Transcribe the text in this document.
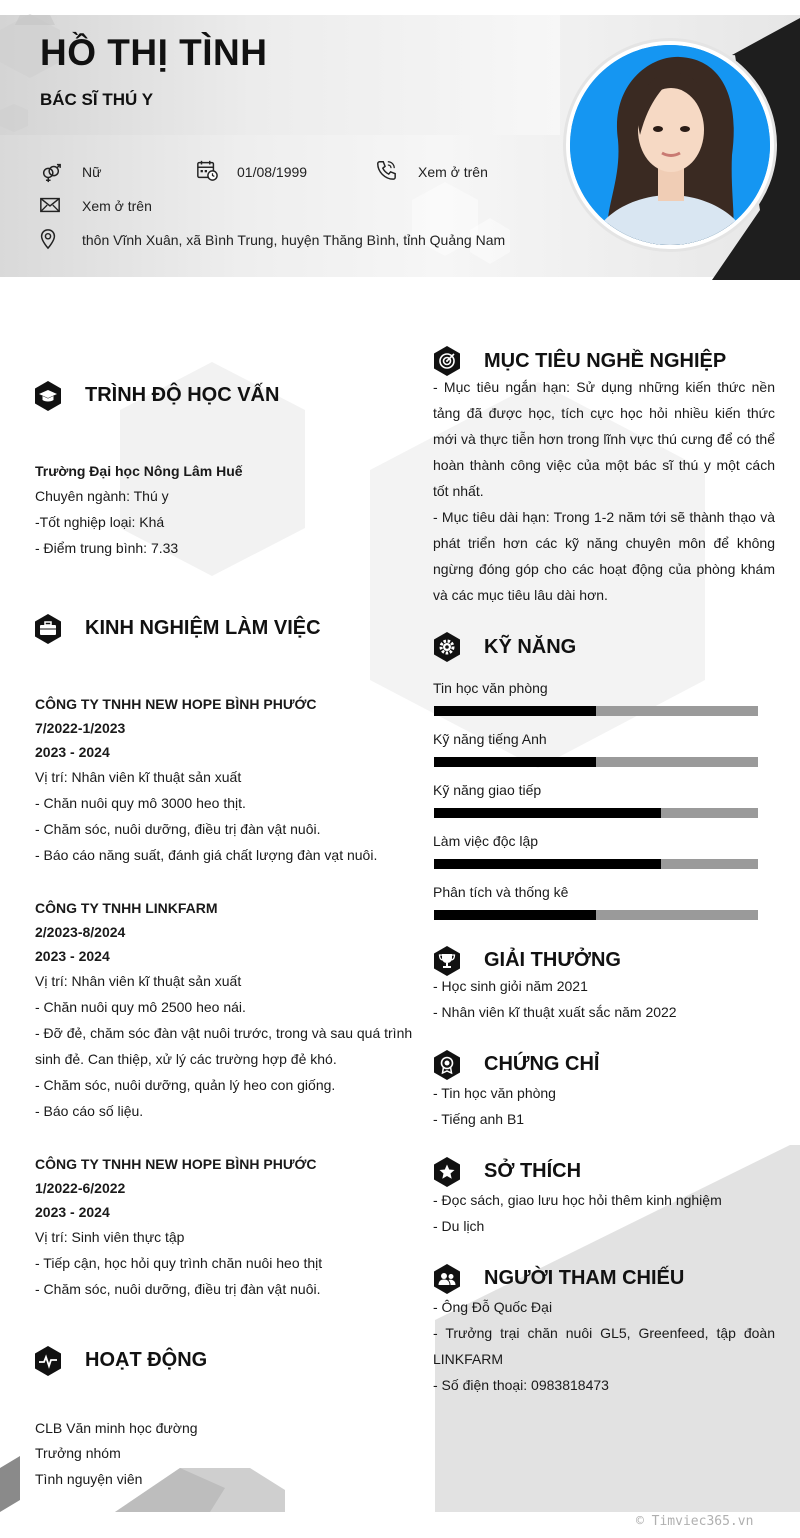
HỒ THỊ TÌNH
BÁC SĨ THÚ Y
Nữ	01/08/1999	Xem ở trên
Xem ở trên
thôn Vĩnh Xuân, xã Bình Trung, huyện Thăng Bình, tỉnh Quảng Nam
TRÌNH ĐỘ HỌC VẤN
Trường Đại học Nông Lâm Huế
Chuyên ngành: Thú y
-Tốt nghiệp loại: Khá
- Điểm trung bình: 7.33
KINH NGHIỆM LÀM VIỆC
CÔNG TY TNHH NEW HOPE BÌNH PHƯỚC
7/2022-1/2023
2023 - 2024
Vị trí: Nhân viên kĩ thuật sản xuất
- Chăn nuôi quy mô 3000 heo thịt.
- Chăm sóc, nuôi dưỡng, điều trị đàn vật nuôi.
- Báo cáo năng suất, đánh giá chất lượng đàn vạt nuôi.
CÔNG TY TNHH LINKFARM
2/2023-8/2024
2023 - 2024
Vị trí: Nhân viên kĩ thuật sản xuất
- Chăn nuôi quy mô 2500 heo nái.
- Đỡ đẻ, chăm sóc đàn vật nuôi trước, trong và sau quá trình
sinh đẻ. Can thiệp, xử lý các trường hợp đẻ khó.
- Chăm sóc, nuôi dưỡng, quản lý heo con giống.
- Báo cáo số liệu.
CÔNG TY TNHH NEW HOPE BÌNH PHƯỚC
1/2022-6/2022
2023 - 2024
Vị trí: Sinh viên thực tập
- Tiếp cận, học hỏi quy trình chăn nuôi heo thịt
- Chăm sóc, nuôi dưỡng, điều trị đàn vật nuôi.
HOẠT ĐỘNG
CLB Văn minh học đường
Trưởng nhóm
Tình nguyện viên
MỤC TIÊU NGHỀ NGHIỆP

- Mục tiêu ngắn hạn: Sử dụng những kiến thức nền tảng đã được học, tích cực học hỏi nhiều kiến thức mới và thực tiễn hơn trong lĩnh vực thú cưng để có thể hoàn thành công việc của một bác sĩ thú y một cách tốt nhất.

- Mục tiêu dài hạn: Trong 1-2 năm tới sẽ thành thạo và phát triển hơn các kỹ năng chuyên môn để không ngừng đóng góp cho các hoạt động của phòng khám và các mục tiêu lâu dài hơn.

KỸ NĂNG
Tin học văn phòng
Kỹ năng tiếng Anh
Kỹ năng giao tiếp
Làm việc độc lập
Phân tích và thống kê
GIẢI THƯỞNG
- Học sinh giỏi năm 2021
- Nhân viên kĩ thuật xuất sắc năm 2022
CHỨNG CHỈ
- Tin học văn phòng
- Tiếng anh B1
SỞ THÍCH
- Đọc sách, giao lưu học hỏi thêm kinh nghiệm
- Du lịch
NGƯỜI THAM CHIẾU
- Ông Đỗ Quốc Đại
- Trưởng trại chăn nuôi GL5, Greenfeed, tập đoàn LINKFARM
- Số điện thoại: 0983818473
© Timviec365.vn
